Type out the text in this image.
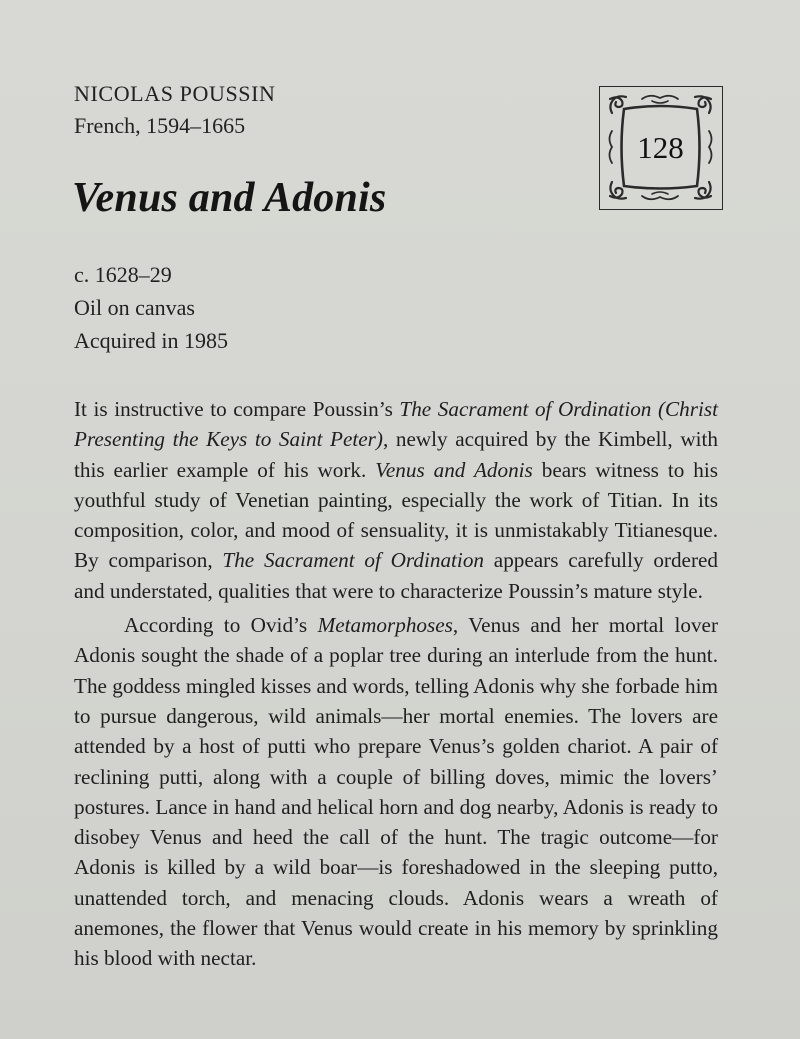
NICOLAS POUSSIN
French, 1594–1665
Venus and Adonis
128
c. 1628–29
Oil on canvas
Acquired in 1985

It is instructive to compare Poussin’s The Sacrament of Ordination (Christ Presenting the Keys to Saint Peter), newly acquired by the Kimbell, with this earlier example of his work. Venus and Adonis bears witness to his youthful study of Venetian painting, especially the work of Titian. In its composition, color, and mood of sensuality, it is unmistakably Titianesque. By comparison, The Sacrament of Ordination appears carefully ordered and understated, qualities that were to characterize Poussin’s mature style.

According to Ovid’s Metamorphoses, Venus and her mortal lover Adonis sought the shade of a poplar tree during an interlude from the hunt. The goddess mingled kisses and words, telling Adonis why she forbade him to pursue dangerous, wild animals—her mortal enemies. The lovers are attended by a host of putti who prepare Venus’s golden chariot. A pair of reclining putti, along with a couple of billing doves, mimic the lovers’ postures. Lance in hand and helical horn and dog nearby, Adonis is ready to disobey Venus and heed the call of the hunt. The tragic outcome—for Adonis is killed by a wild boar—is foreshadowed in the sleeping putto, unattended torch, and menacing clouds. Adonis wears a wreath of anemones, the flower that Venus would create in his memory by sprinkling his blood with nectar.
